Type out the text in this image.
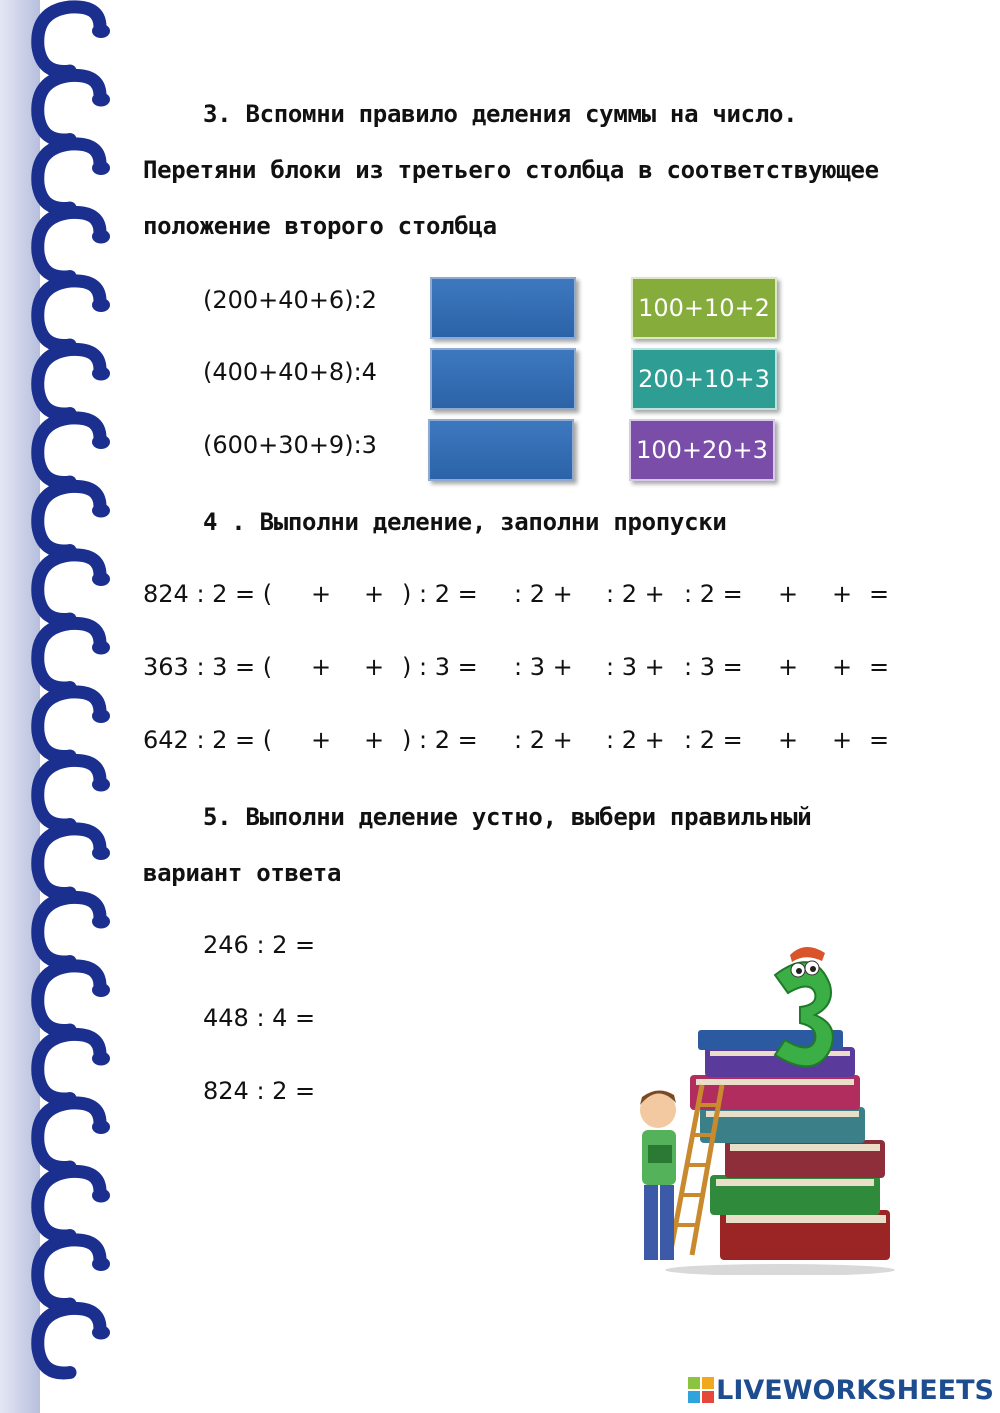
3. Вспомни правило деления суммы на число.
Перетяни блоки из третьего столбца в соответствующее
положение второго столбца
(200+40+6):2
(400+40+8):4
(600+30+9):3
100+10+2
200+10+3
100+20+3
4 . Выполни деление, заполни пропуски
824 : 2 = ( + + ) : 2 = : 2 + : 2 + : 2 = + + =
363 : 3 = ( + + ) : 3 = : 3 + : 3 + : 3 = + + =
642 : 2 = ( + + ) : 2 = : 2 + : 2 + : 2 = + + =
5. Выполни деление устно, выбери правильный
вариант ответа
246 : 2 =
448 : 4 =
824 : 2 =
LIVEWORKSHEETS
